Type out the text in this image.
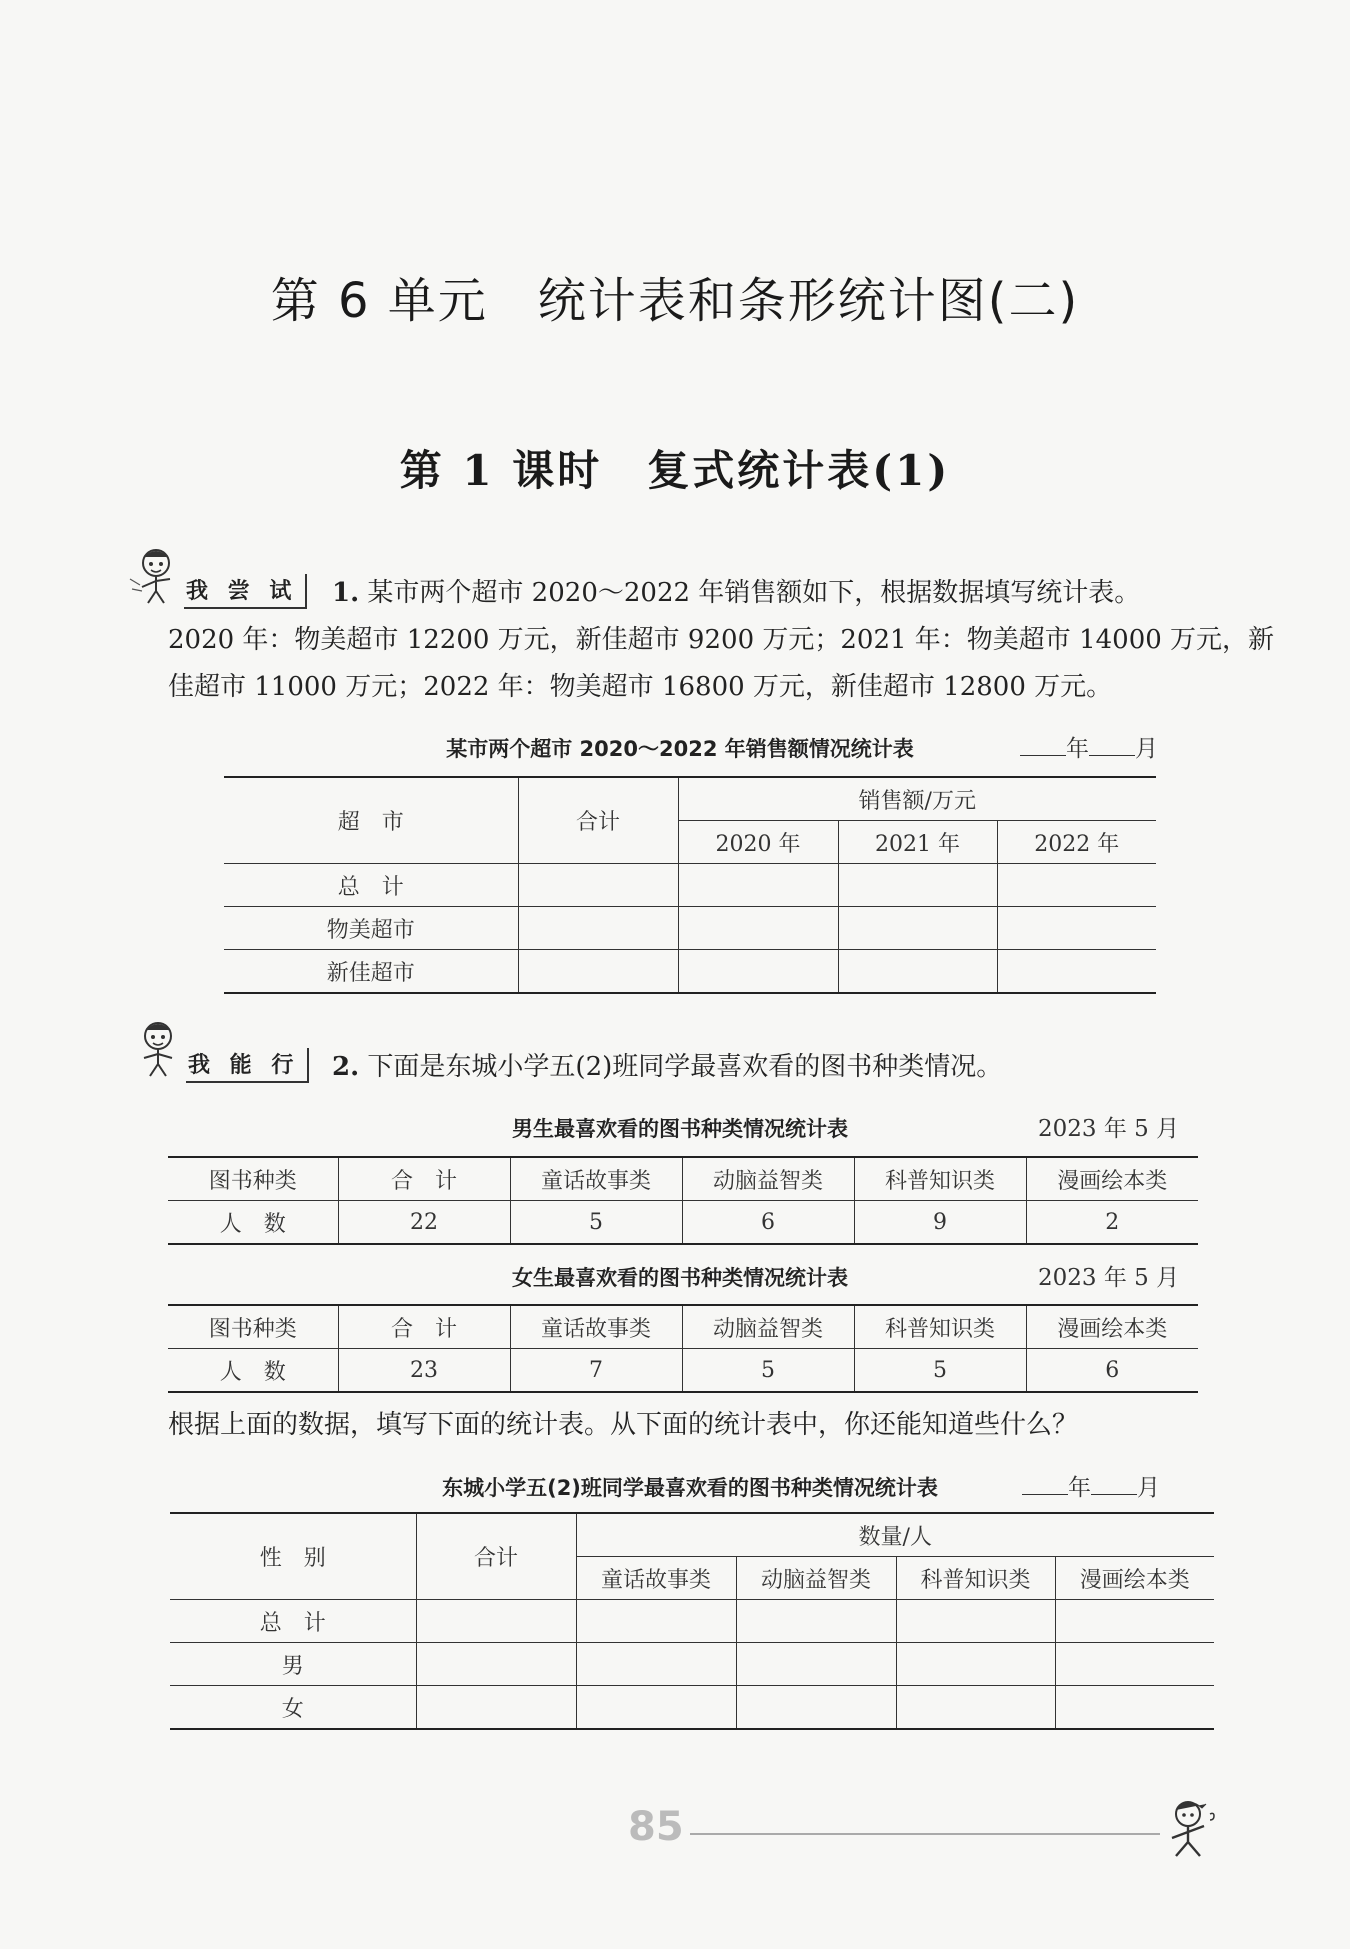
第 6 单元　统计表和条形统计图(二)
第 1 课时　复式统计表(1)
我 尝 试	1. 某市两个超市 2020～2022 年销售额如下，根据数据填写统计表。
2020 年：物美超市 12200 万元，新佳超市 9200 万元；2021 年：物美超市 14000 万元，新
佳超市 11000 万元；2022 年：物美超市 16800 万元，新佳超市 12800 万元。
某市两个超市 2020～2022 年销售额情况统计表	年 月
超　市	合计	销售额/万元		
		2020 年	2021 年	2022 年
总　计				
物美超市				
新佳超市				
我 能 行	2. 下面是东城小学五(2)班同学最喜欢看的图书种类情况。
男生最喜欢看的图书种类情况统计表	2023 年 5 月
图书种类	合　计	童话故事类	动脑益智类	科普知识类	漫画绘本类
人　数	22	5	6	9	2
女生最喜欢看的图书种类情况统计表	2023 年 5 月
图书种类	合　计	童话故事类	动脑益智类	科普知识类	漫画绘本类
人　数	23	7	5	5	6
根据上面的数据，填写下面的统计表。从下面的统计表中，你还能知道些什么？
东城小学五(2)班同学最喜欢看的图书种类情况统计表	年 月
性　别	合计	数量/人			
		童话故事类	动脑益智类	科普知识类	漫画绘本类
总　计					
男					
女					
85
